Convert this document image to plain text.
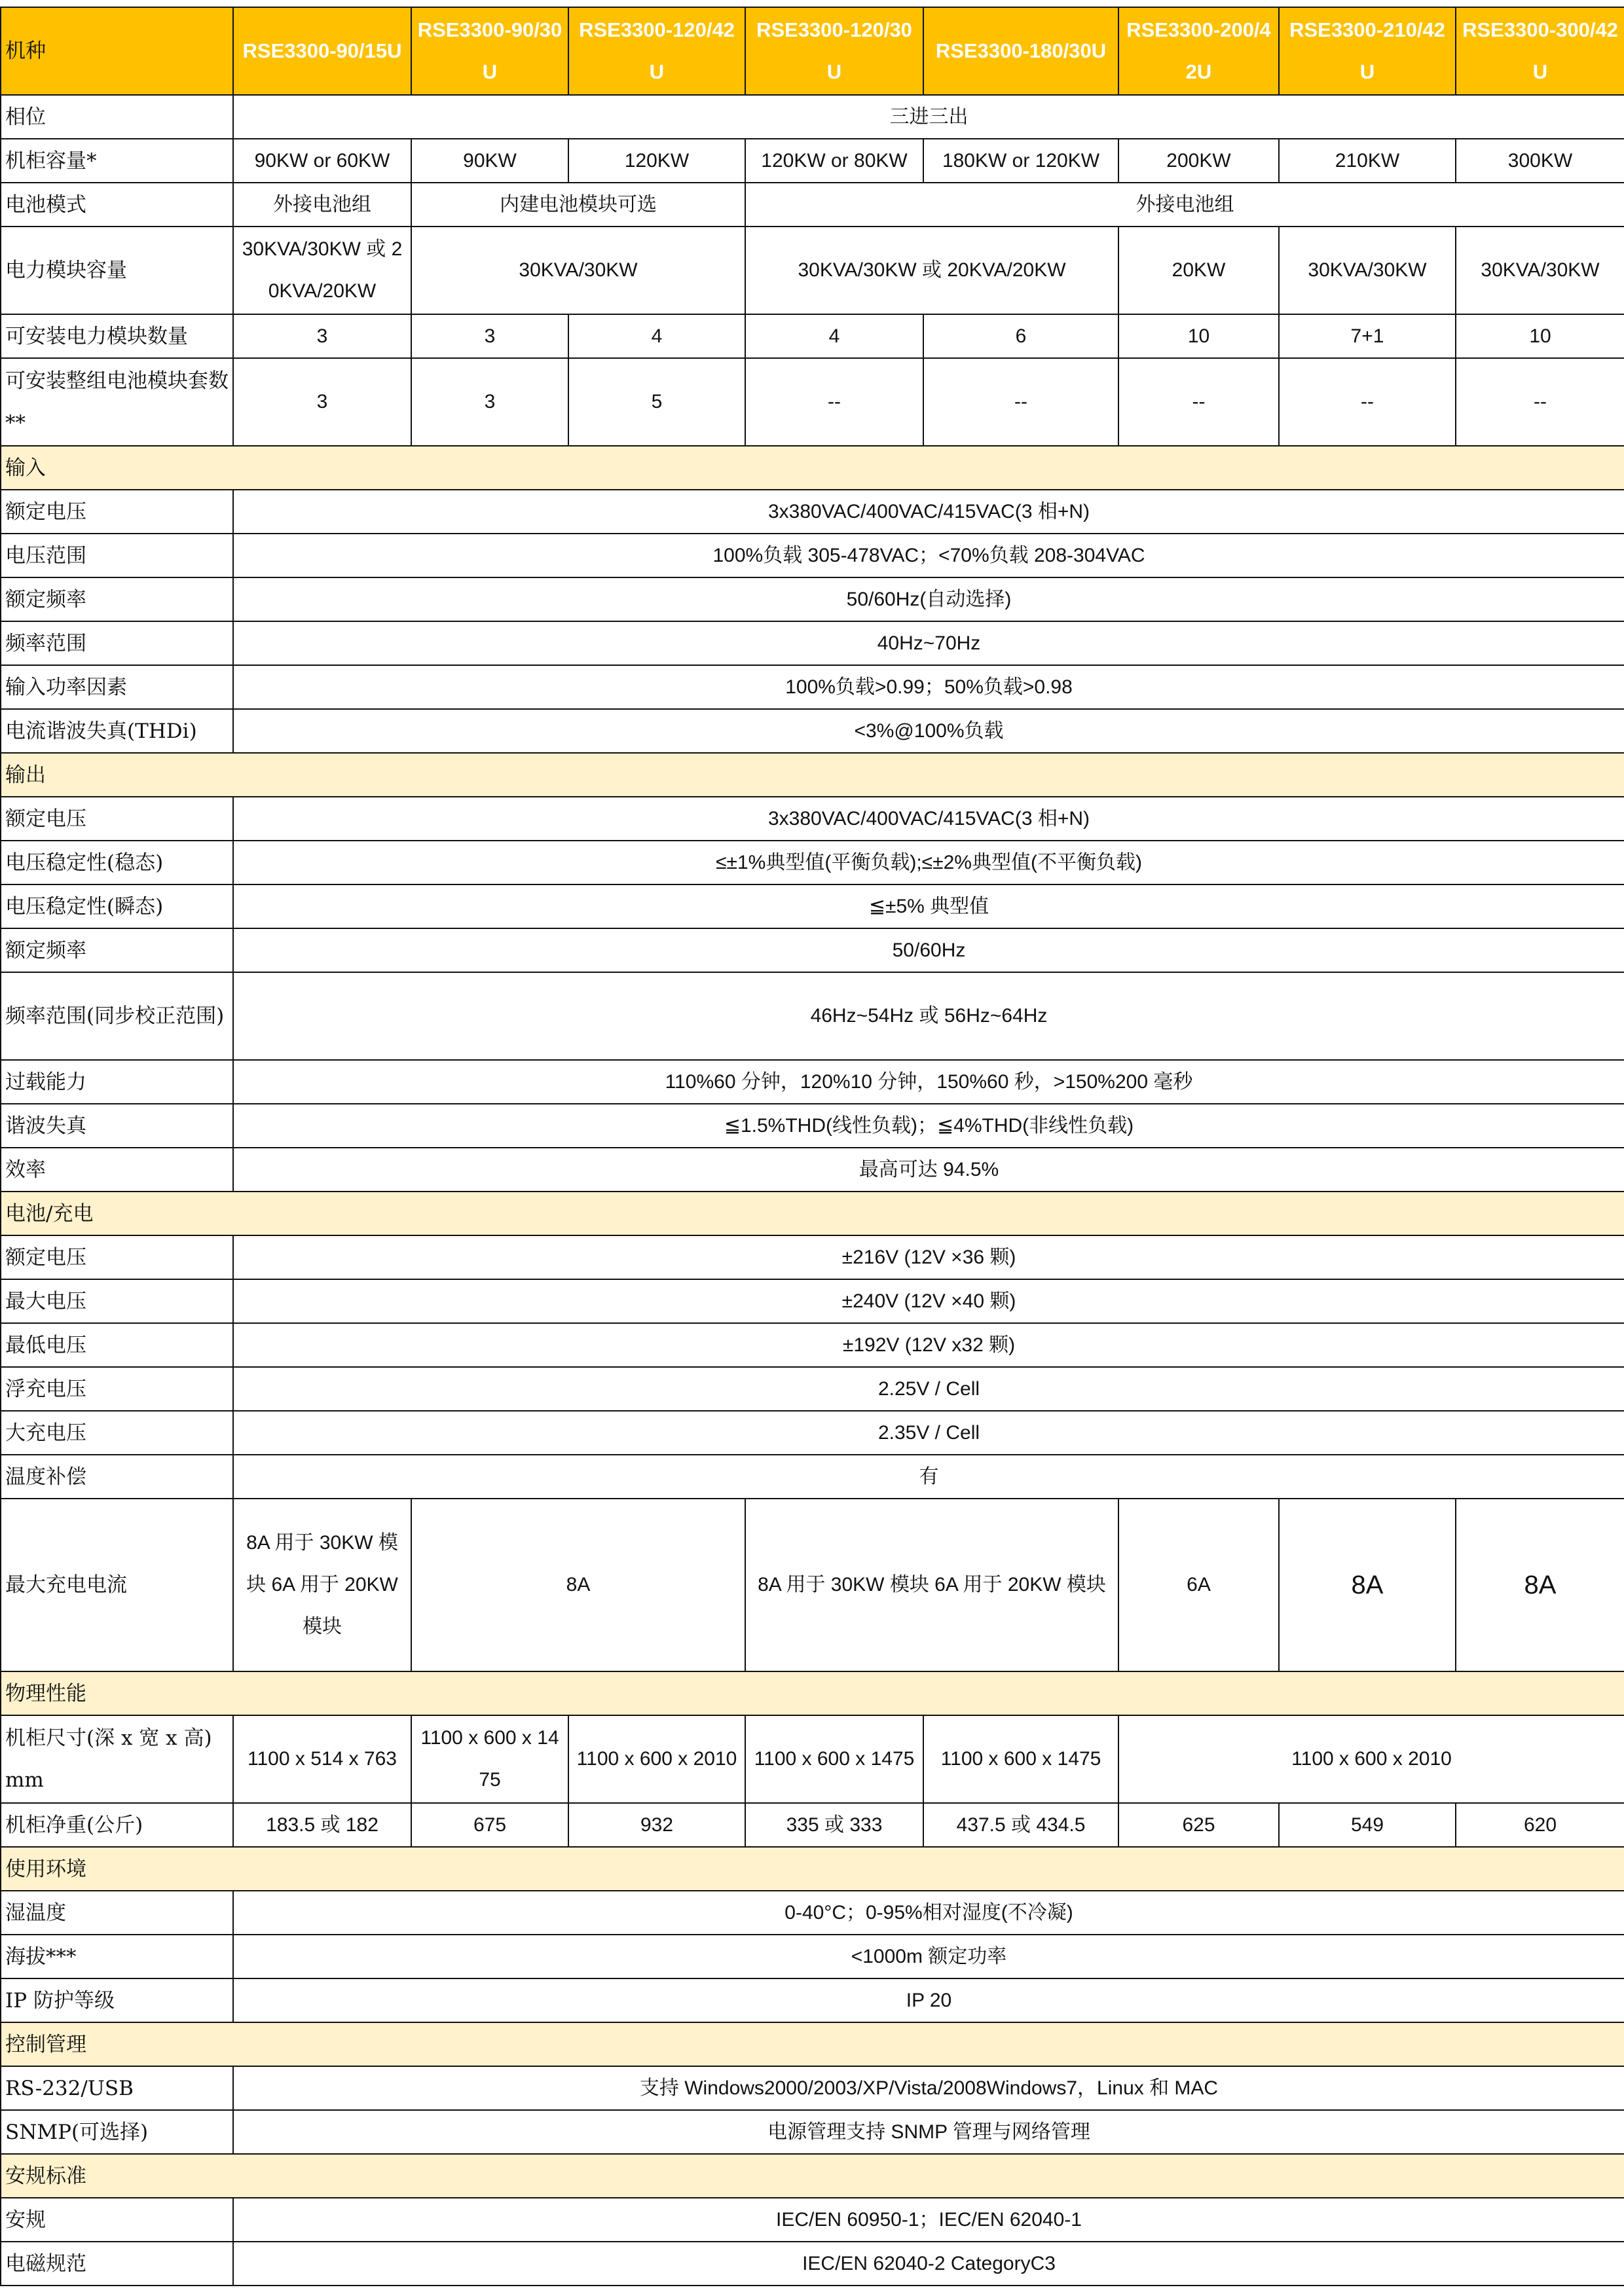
机种	RSE3300-90/15U	RSE3300-90/30U	RSE3300-120/42U	RSE3300-120/30U	RSE3300-180/30U	RSE3300-200/42U	RSE3300-210/42U	RSE3300-300/42U
相位	三进三出							
机柜容量*	90KW or 60KW	90KW	120KW	120KW or 80KW	180KW or 120KW	200KW	210KW	300KW
电池模式	外接电池组	内建电池模块可选		外接电池组				
电力模块容量	30KVA/30KW 或 20KVA/20KW	30KVA/30KW		30KVA/30KW 或 20KVA/20KW		20KW	30KVA/30KW	30KVA/30KW
可安装电力模块数量	3	3	4	4	6	10	7+1	10
可安装整组电池模块套数**	3	3	5	--	--	--	--	--
输入								
额定电压	3x380VAC/400VAC/415VAC(3 相+N)							
电压范围	100%负载 305-478VAC；<70%负载 208-304VAC							
额定频率	50/60Hz(自动选择)							
频率范围	40Hz~70Hz							
输入功率因素	100%负载>0.99；50%负载>0.98							
电流谐波失真(THDi)	<3%@100%负载							
输出								
额定电压	3x380VAC/400VAC/415VAC(3 相+N)							
电压稳定性(稳态)	≤±1%典型值(平衡负载);≤±2%典型值(不平衡负载)							
电压稳定性(瞬态)	≦±5% 典型值							
额定频率	50/60Hz							
频率范围(同步校正范围)	46Hz~54Hz 或 56Hz~64Hz							
过载能力	110%60 分钟，120%10 分钟，150%60 秒，>150%200 毫秒							
谐波失真	≦1.5%THD(线性负载)；≦4%THD(非线性负载)							
效率	最高可达 94.5%							
电池/充电								
额定电压	±216V (12V ×36 颗)							
最大电压	±240V (12V ×40 颗)							
最低电压	±192V (12V x32 颗)							
浮充电压	2.25V / Cell							
大充电压	2.35V / Cell							
温度补偿	有							
最大充电电流	8A 用于 30KW 模块 6A 用于 20KW 模块	8A		8A 用于 30KW 模块 6A 用于 20KW 模块		6A	8A	8A
物理性能								
机柜尺寸(深 x 宽 x 高)mm	1100 x 514 x 763	1100 x 600 x 1475	1100 x 600 x 2010	1100 x 600 x 1475	1100 x 600 x 1475	1100 x 600 x 2010		
机柜净重(公斤)	183.5 或 182	675	932	335 或 333	437.5 或 434.5	625	549	620
使用环境								
湿温度	0-40°C；0-95%相对湿度(不冷凝)							
海拔***	<1000m 额定功率							
IP 防护等级	IP 20							
控制管理								
RS-232/USB	支持 Windows2000/2003/XP/Vista/2008Windows7，Linux 和 MAC							
SNMP(可选择)	电源管理支持 SNMP 管理与网络管理							
安规标准								
安规	IEC/EN 60950-1；IEC/EN 62040-1							
电磁规范	IEC/EN 62040-2 CategoryC3							
